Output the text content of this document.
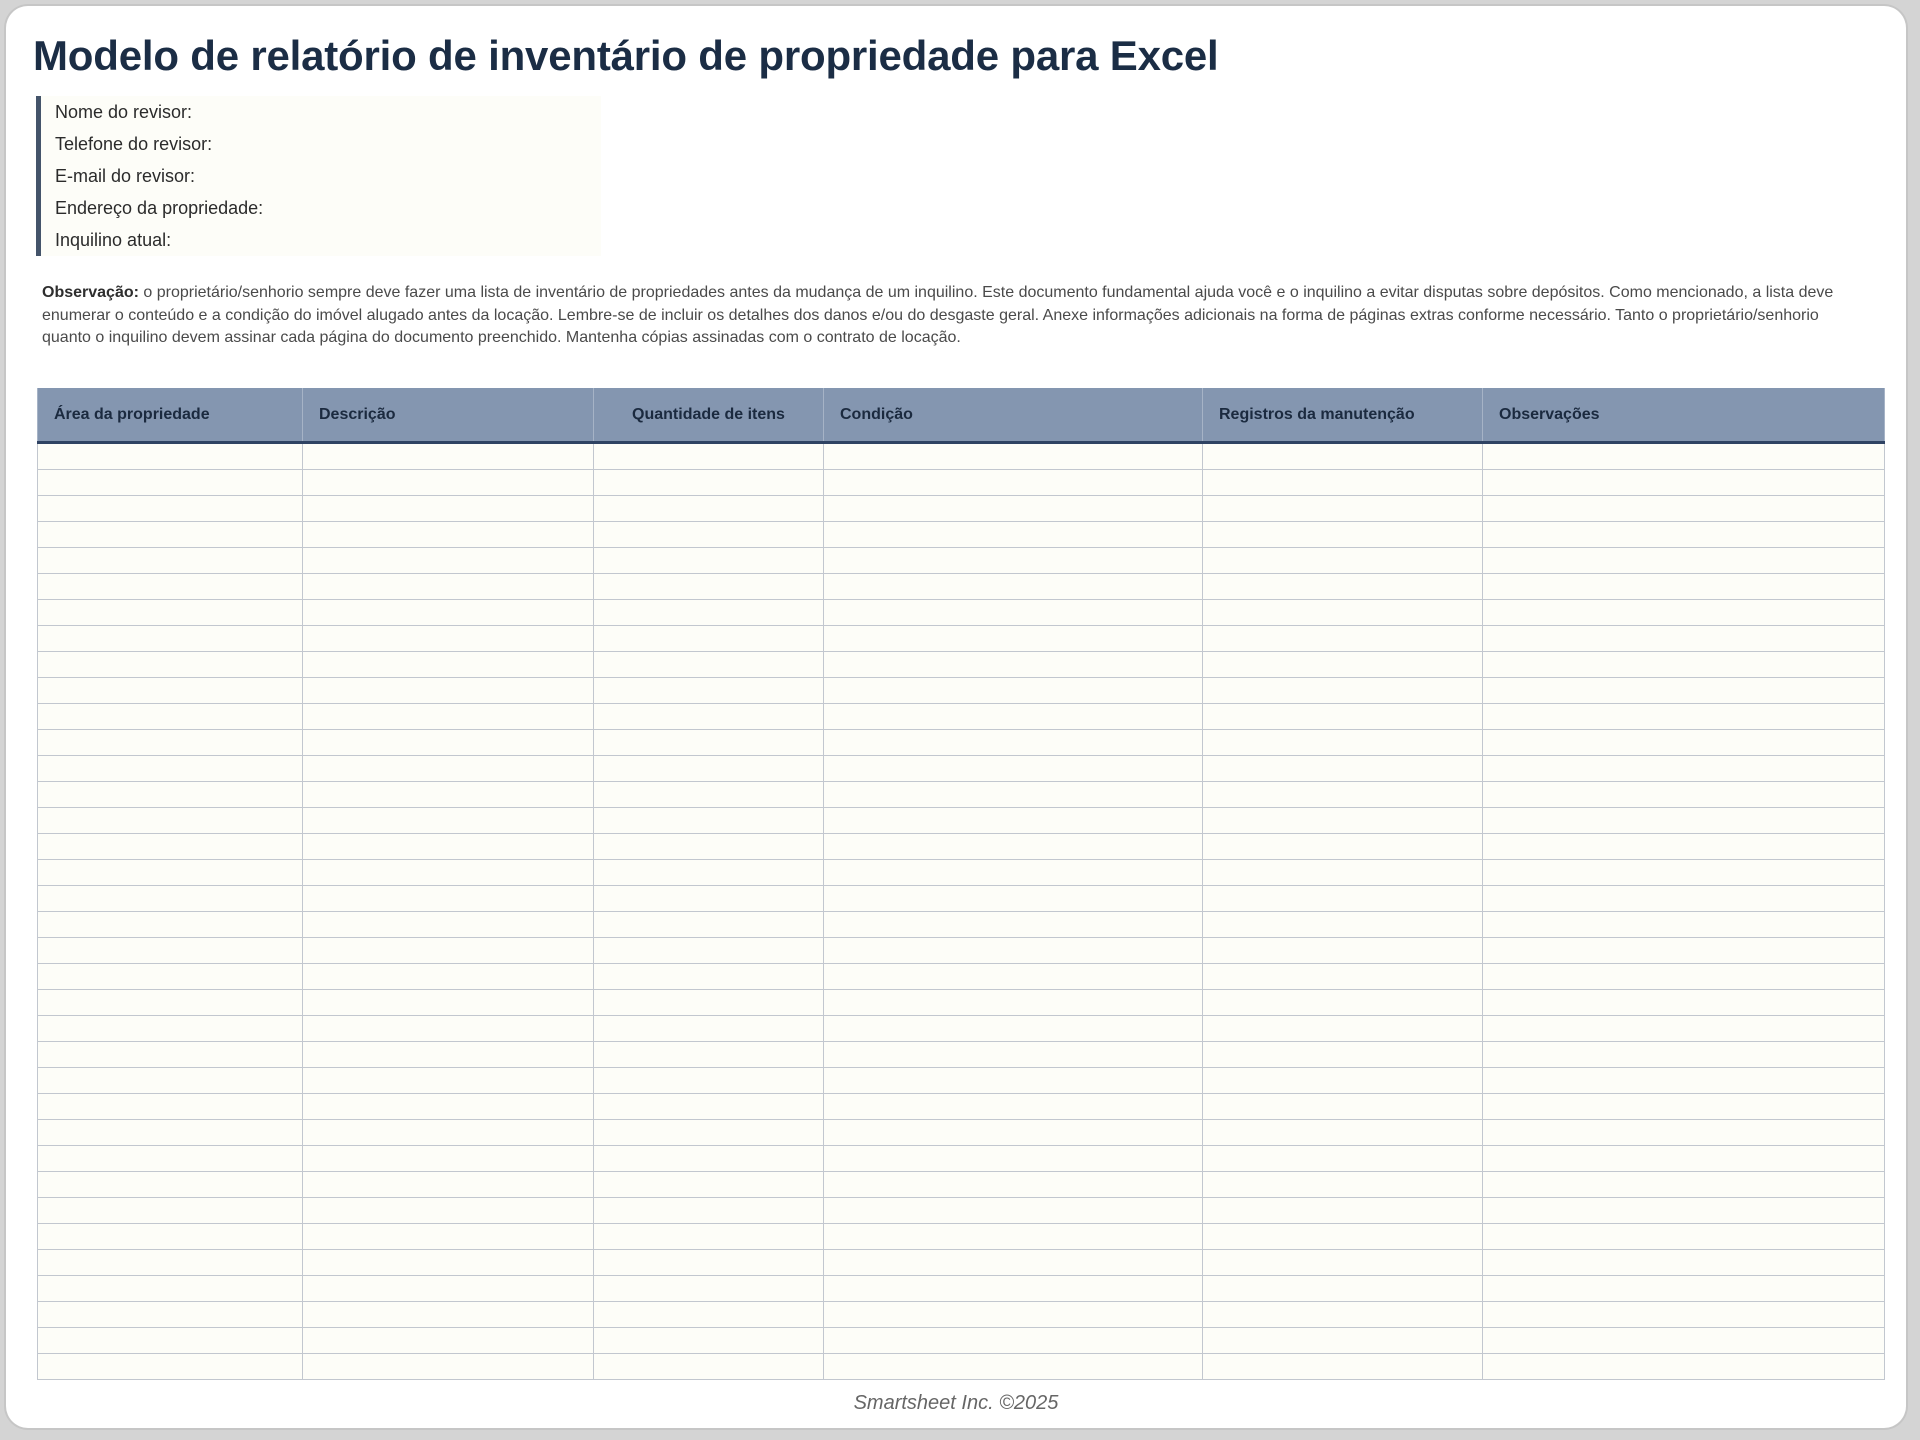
Modelo de relatório de inventário de propriedade para Excel
Nome do revisor:
Telefone do revisor:
E-mail do revisor:
Endereço da propriedade:
Inquilino atual:

Observação: o proprietário/senhorio sempre deve fazer uma lista de inventário de propriedades antes da mudança de um inquilino. Este documento fundamental ajuda você e o inquilino a evitar disputas sobre depósitos. Como mencionado, a lista deve enumerar o conteúdo e a condição do imóvel alugado antes da locação. Lembre-se de incluir os detalhes dos danos e/ou do desgaste geral. Anexe informações adicionais na forma de páginas extras conforme necessário. Tanto o proprietário/senhorio quanto o inquilino devem assinar cada página do documento preenchido. Mantenha cópias assinadas com o contrato de locação.

Área da propriedade	Descrição	Quantidade de itens	Condição	Registros da manutenção	Observações

Smartsheet Inc. ©2025
